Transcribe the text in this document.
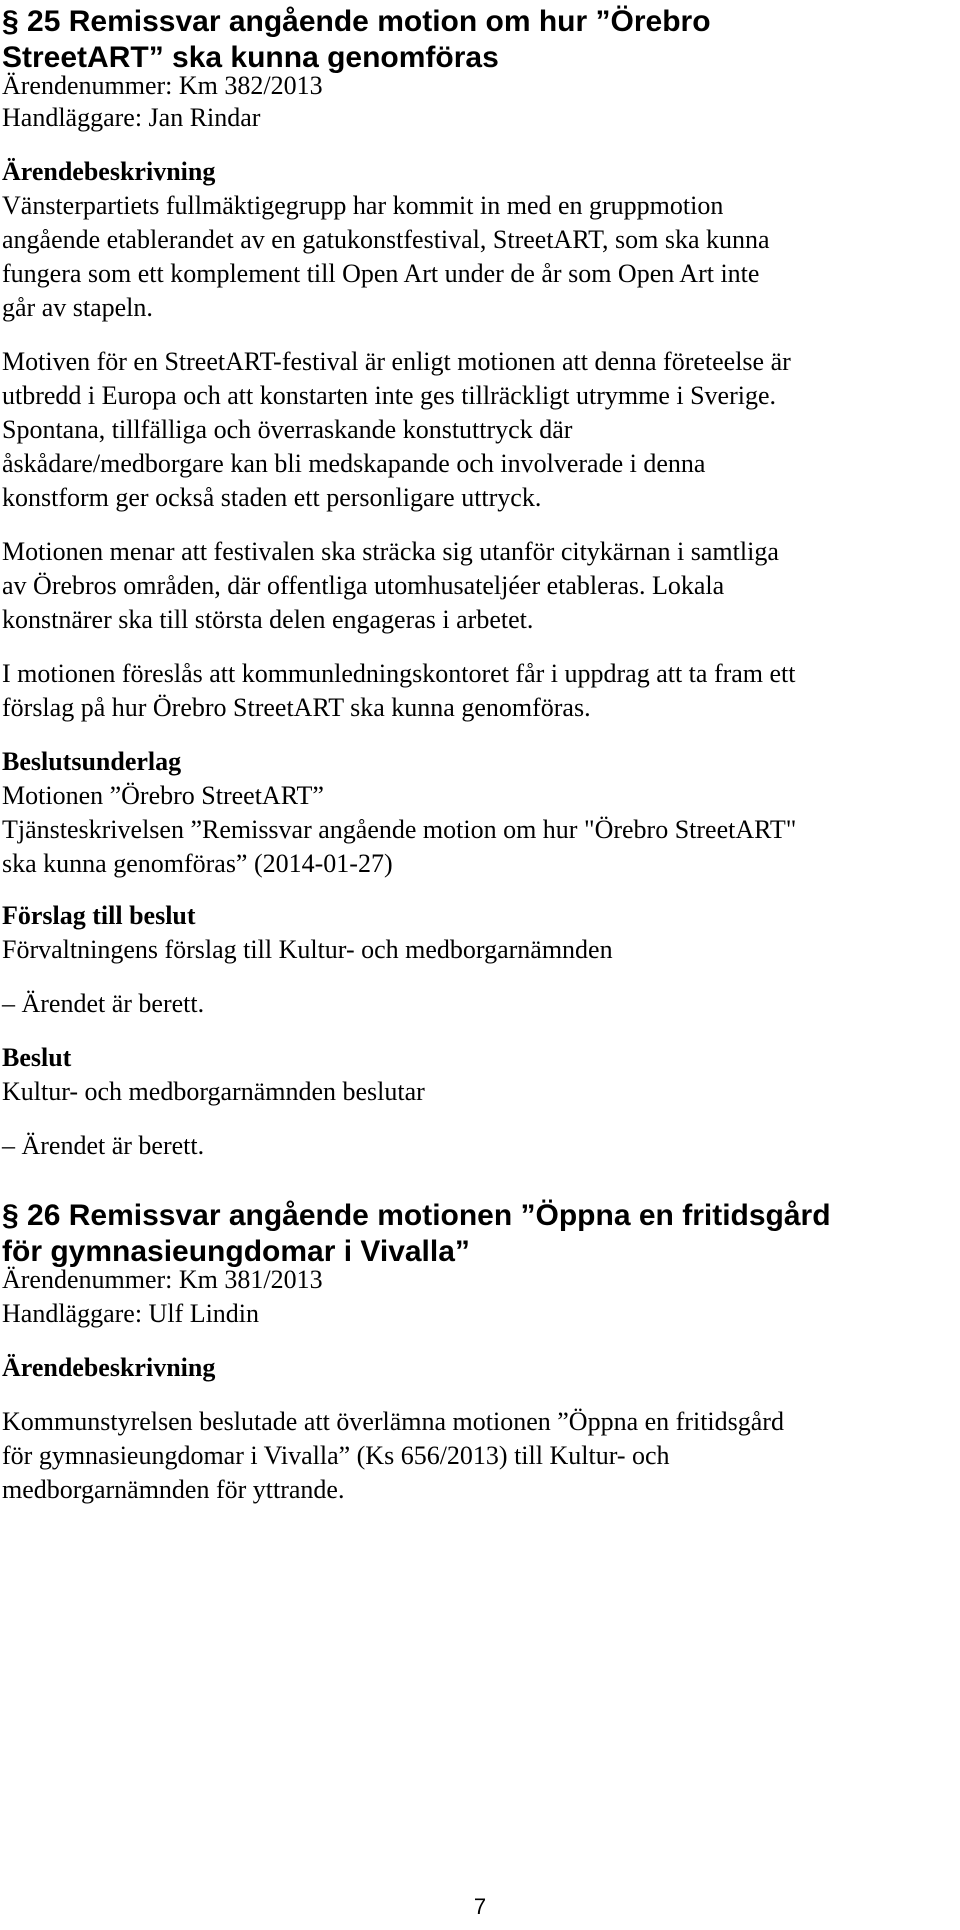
§ 25 Remissvar angående motion om hur ”Örebro
StreetART” ska kunna genomföras
Ärendenummer: Km 382/2013
Handläggare: Jan Rindar
Ärendebeskrivning
Vänsterpartiets fullmäktigegrupp har kommit in med en gruppmotion
angående etablerandet av en gatukonstfestival, StreetART, som ska kunna
fungera som ett komplement till Open Art under de år som Open Art inte
går av stapeln.
Motiven för en StreetART-festival är enligt motionen att denna företeelse är
utbredd i Europa och att konstarten inte ges tillräckligt utrymme i Sverige.
Spontana, tillfälliga och överraskande konstuttryck där
åskådare/medborgare kan bli medskapande och involverade i denna
konstform ger också staden ett personligare uttryck.
Motionen menar att festivalen ska sträcka sig utanför citykärnan i samtliga
av Örebros områden, där offentliga utomhusateljéer etableras. Lokala
konstnärer ska till största delen engageras i arbetet.
I motionen föreslås att kommunledningskontoret får i uppdrag att ta fram ett
förslag på hur Örebro StreetART ska kunna genomföras.
Beslutsunderlag
Motionen ”Örebro StreetART”
Tjänsteskrivelsen ”Remissvar angående motion om hur "Örebro StreetART"
ska kunna genomföras” (2014-01-27)
Förslag till beslut
Förvaltningens förslag till Kultur- och medborgarnämnden
– Ärendet är berett.
Beslut
Kultur- och medborgarnämnden beslutar
– Ärendet är berett.
§ 26 Remissvar angående motionen ”Öppna en fritidsgård
för gymnasieungdomar i Vivalla”
Ärendenummer: Km 381/2013
Handläggare: Ulf Lindin
Ärendebeskrivning
Kommunstyrelsen beslutade att överlämna motionen ”Öppna en fritidsgård
för gymnasieungdomar i Vivalla” (Ks 656/2013) till Kultur- och
medborgarnämnden för yttrande.
7
